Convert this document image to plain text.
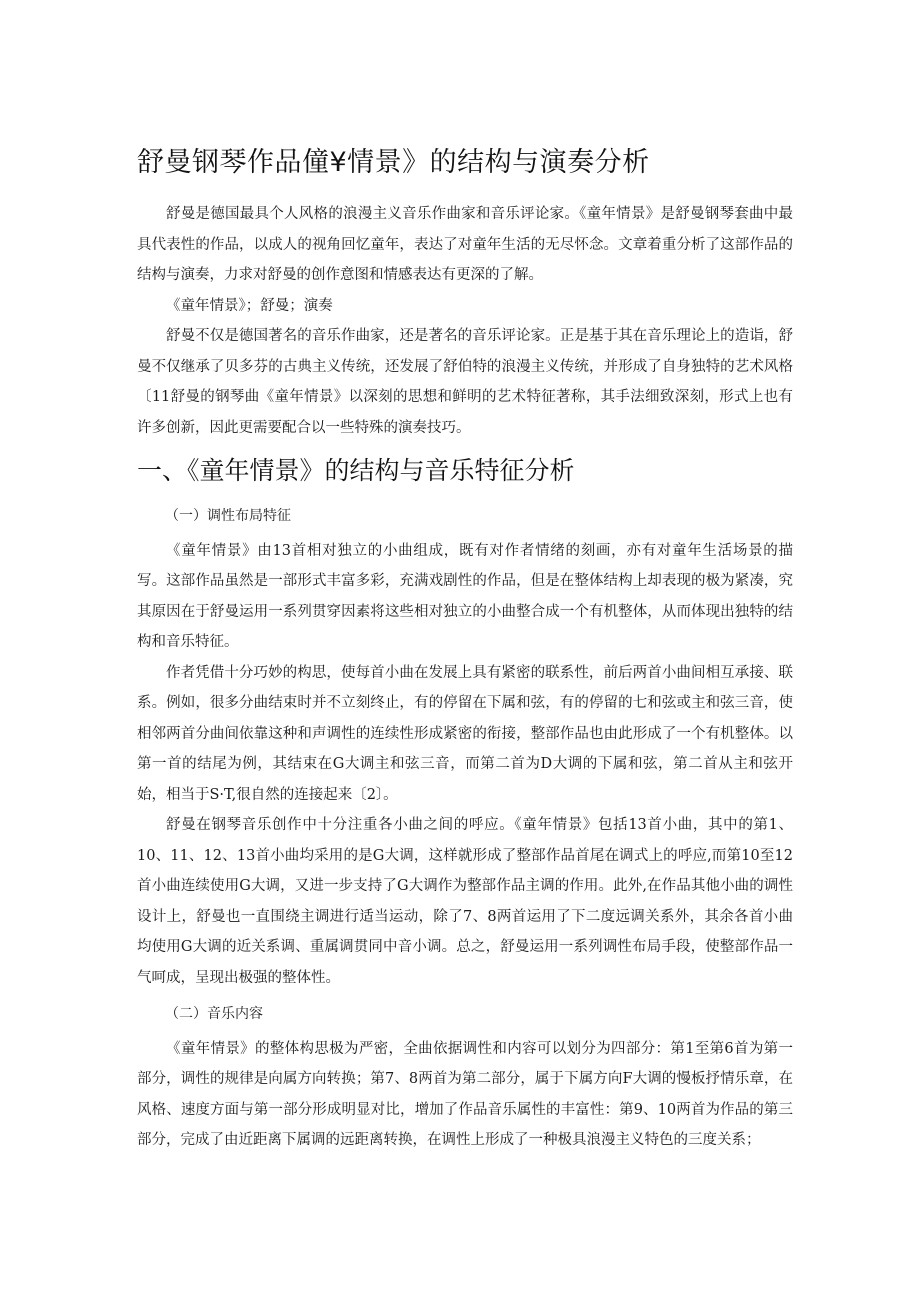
舒曼钢琴作品僮¥情景》的结构与演奏分析

舒曼是德国最具个人风格的浪漫主义音乐作曲家和音乐评论家。《童年情景》是舒曼钢琴套曲中最具代表性的作品，以成人的视角回忆童年，表达了对童年生活的无尽怀念。文章着重分析了这部作品的结构与演奏，力求对舒曼的创作意图和情感表达有更深的了解。

《童年情景》；舒曼；演奏

舒曼不仅是德国著名的音乐作曲家，还是著名的音乐评论家。正是基于其在音乐理论上的造诣，舒曼不仅继承了贝多芬的古典主义传统，还发展了舒伯特的浪漫主义传统，并形成了自身独特的艺术风格〔11舒曼的钢琴曲《童年情景》以深刻的思想和鲜明的艺术特征著称，其手法细致深刻，形式上也有许多创新，因此更需要配合以一些特殊的演奏技巧。

一、《童年情景》的结构与音乐特征分析

（一）调性布局特征

《童年情景》由13首相对独立的小曲组成，既有对作者情绪的刻画，亦有对童年生活场景的描写。这部作品虽然是一部形式丰富多彩，充满戏剧性的作品，但是在整体结构上却表现的极为紧凑，究其原因在于舒曼运用一系列贯穿因素将这些相对独立的小曲整合成一个有机整体，从而体现出独特的结构和音乐特征。

作者凭借十分巧妙的构思，使每首小曲在发展上具有紧密的联系性，前后两首小曲间相互承接、联系。例如，很多分曲结束时并不立刻终止，有的停留在下属和弦，有的停留的七和弦或主和弦三音，使相邻两首分曲间依靠这种和声调性的连续性形成紧密的衔接，整部作品也由此形成了一个有机整体。以第一首的结尾为例，其结束在G大调主和弦三音，而第二首为D大调的下属和弦，第二首从主和弦开始，相当于S·T,很自然的连接起来〔2〕。

舒曼在钢琴音乐创作中十分注重各小曲之间的呼应。《童年情景》包括13首小曲，其中的第1、10、11、12、13首小曲均采用的是G大调，这样就形成了整部作品首尾在调式上的呼应,而第10至12首小曲连续使用G大调，又进一步支持了G大调作为整部作品主调的作用。此外,在作品其他小曲的调性设计上，舒曼也一直围绕主调进行适当运动，除了7、8两首运用了下二度远调关系外，其余各首小曲均使用G大调的近关系调、重属调贯同中音小调。总之，舒曼运用一系列调性布局手段，使整部作品一气呵成，呈现出极强的整体性。

（二）音乐内容

《童年情景》的整体构思极为严密，全曲依据调性和内容可以划分为四部分：第1至第6首为第一部分，调性的规律是向属方向转换；第7、8两首为第二部分，属于下属方向F大调的慢板抒情乐章，在风格、速度方面与第一部分形成明显对比，增加了作品音乐属性的丰富性：第9、10两首为作品的第三部分，完成了由近距离下属调的远距离转换，在调性上形成了一种极具浪漫主义特色的三度关系；
